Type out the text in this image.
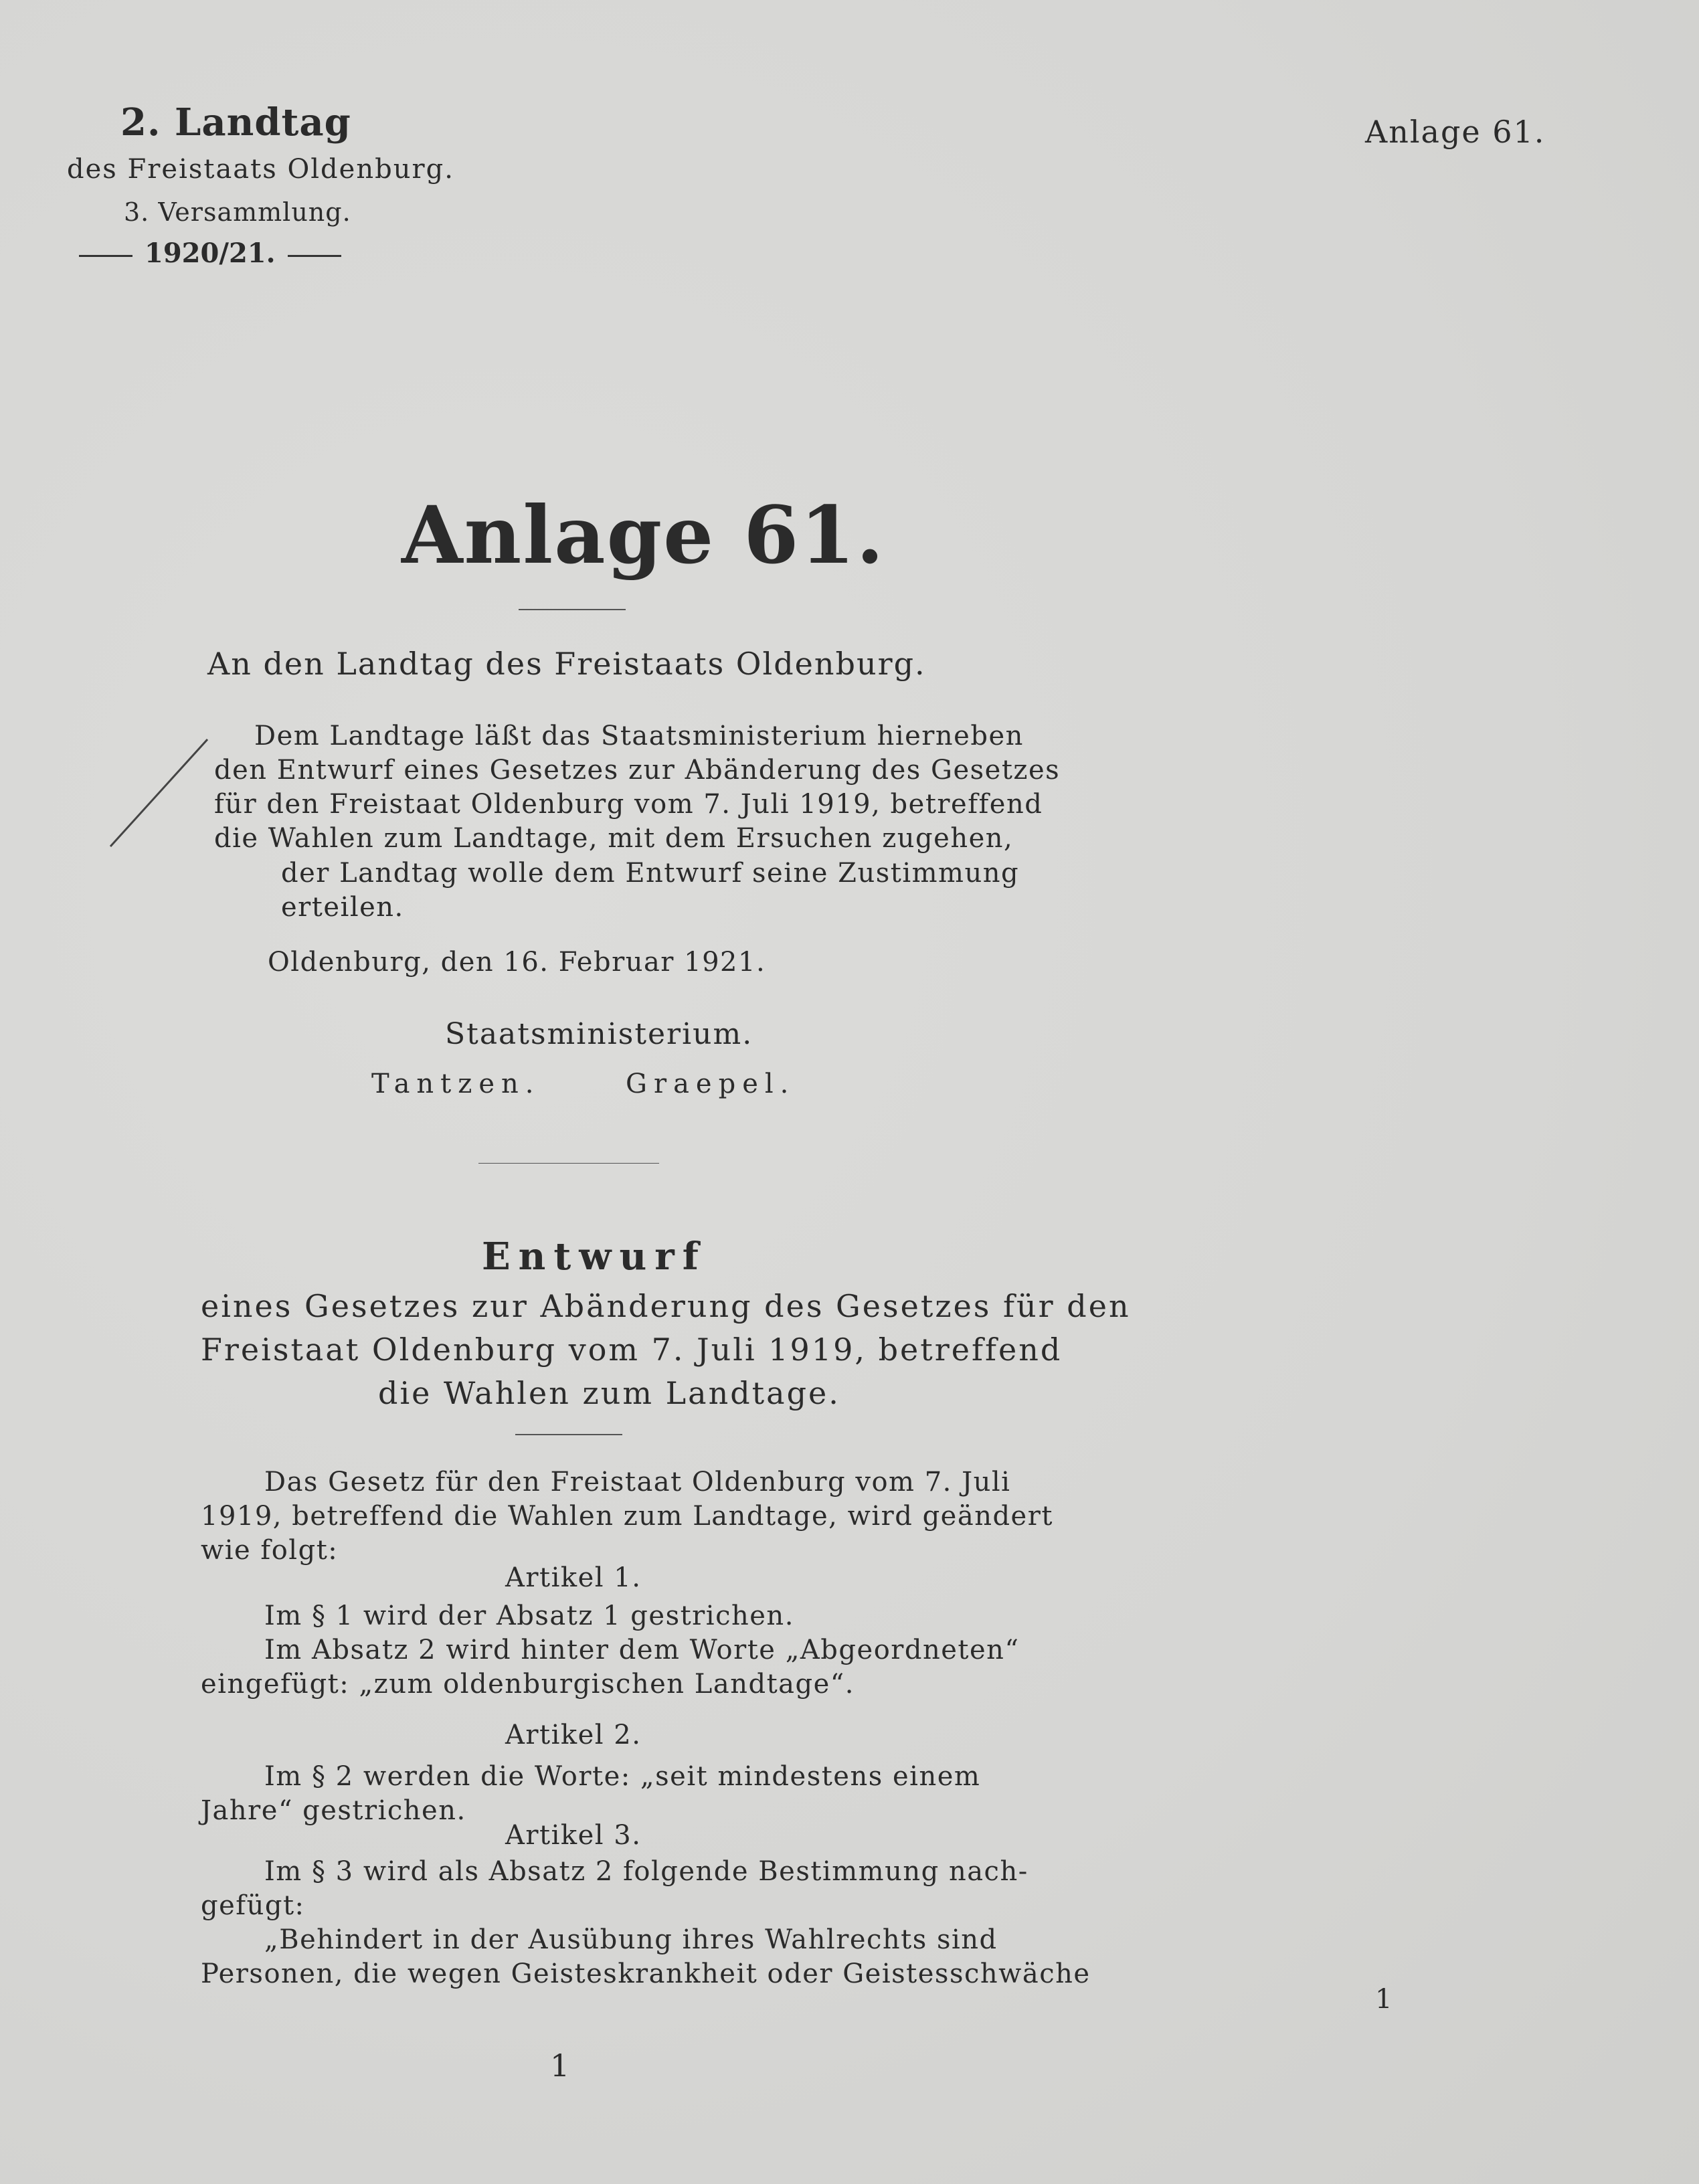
2. Landtag
des Freistaats Oldenburg.
3. Versammlung.
1920/21.
Anlage 61.
Anlage 61.
An den Landtag des Freistaats Oldenburg.
Dem Landtage läßt das Staatsministerium hierneben
den Entwurf eines Gesetzes zur Abänderung des Gesetzes
für den Freistaat Oldenburg vom 7. Juli 1919, betreffend
die Wahlen zum Landtage, mit dem Ersuchen zugehen,
der Landtag wolle dem Entwurf seine Zustimmung
erteilen.
Oldenburg, den 16. Februar 1921.
Staatsministerium.
Tantzen.	Graepel.
Entwurf
eines Gesetzes zur Abänderung des Gesetzes für den
Freistaat Oldenburg vom 7. Juli 1919, betreffend
die Wahlen zum Landtage.
Das Gesetz für den Freistaat Oldenburg vom 7. Juli
1919, betreffend die Wahlen zum Landtage, wird geändert
wie folgt:
Artikel 1.
Im § 1 wird der Absatz 1 gestrichen.
Im Absatz 2 wird hinter dem Worte „Abgeordneten“
eingefügt: „zum oldenburgischen Landtage“.
Artikel 2.
Im § 2 werden die Worte: „seit mindestens einem
Jahre“ gestrichen.
Artikel 3.
Im § 3 wird als Absatz 2 folgende Bestimmung nach-
gefügt:
„Behindert in der Ausübung ihres Wahlrechts sind
Personen, die wegen Geisteskrankheit oder Geistesschwäche
1
1
